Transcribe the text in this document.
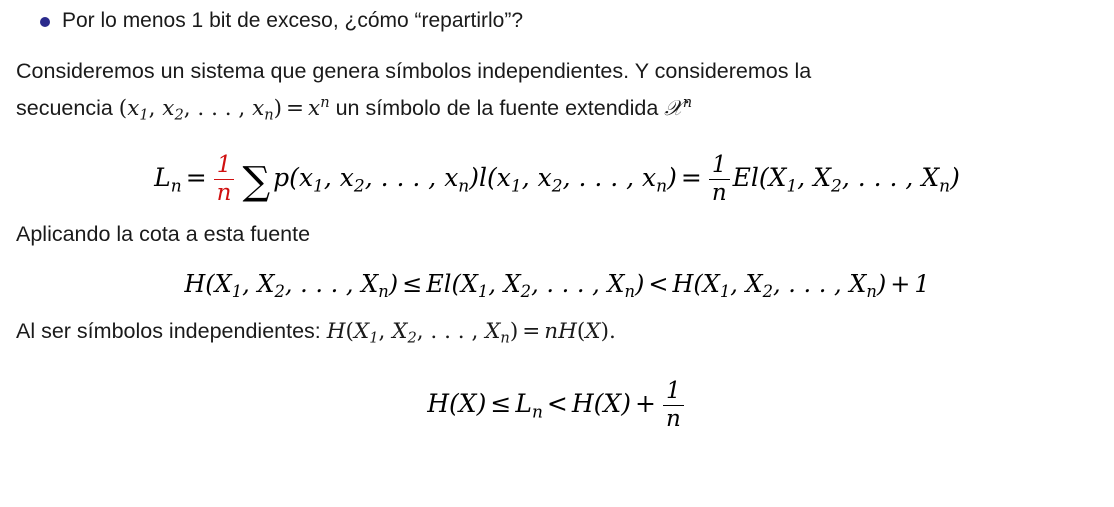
Por lo menos 1 bit de exceso, ¿cómo “repartirlo”?
Consideremos un sistema que genera símbolos independientes. Y consideremos la
secuencia ($x_1$, $x_2$, . . . , $x_n) = x^n$ un símbolo de la fuente extendida 𝒳$^n$
$L_n = \frac{1}{n}$ ∑ $p(x_1$, $x_2$, . . . , $x_n)l(x_1$, $x_2$, . . . , $x_n) = \frac{1}{n} El(X_1$, $X_2$, . . . , $X_n$)
Aplicando la cota a esta fuente
$H(X_1$, $X_2$, . . . , $X_n) \le El(X_1$, $X_2$, . . . , $X_n) < H(X_1$, $X_2$, . . . , $X_n) + 1$
Al ser símbolos independientes: $H(X_1$, $X_2$, . . . , $X_n) = nH(X)$.
$H(X) \le L_n < H(X) + \frac{1}{n}$
